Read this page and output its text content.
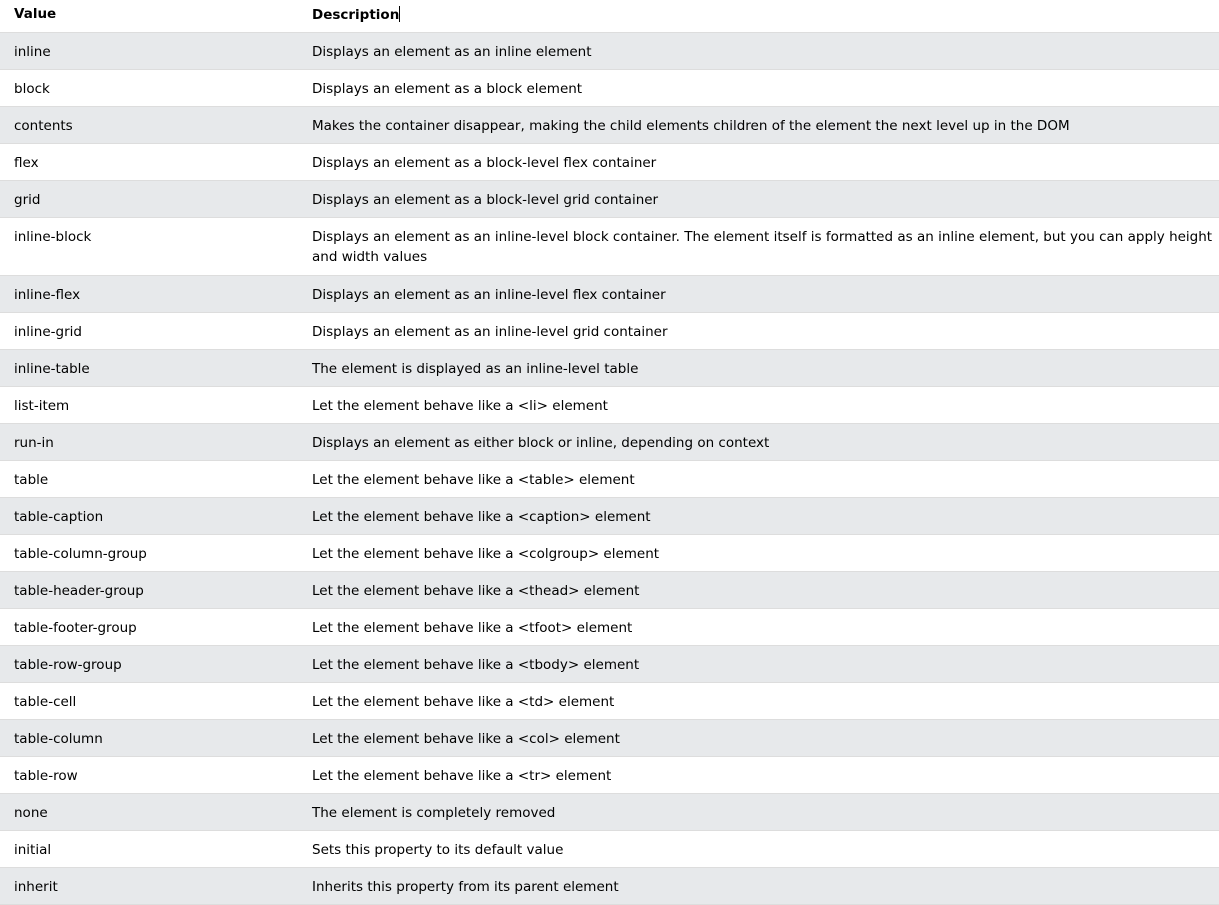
Value	Description
inline	Displays an element as an inline element
block	Displays an element as a block element
contents	Makes the container disappear, making the child elements children of the element the next level up in the DOM
flex	Displays an element as a block-level flex container
grid	Displays an element as a block-level grid container
inline-block	Displays an element as an inline-level block container. The element itself is formatted as an inline element, but you can apply height and width values
inline-flex	Displays an element as an inline-level flex container
inline-grid	Displays an element as an inline-level grid container
inline-table	The element is displayed as an inline-level table
list-item	Let the element behave like a <li> element
run-in	Displays an element as either block or inline, depending on context
table	Let the element behave like a <table> element
table-caption	Let the element behave like a <caption> element
table-column-group	Let the element behave like a <colgroup> element
table-header-group	Let the element behave like a <thead> element
table-footer-group	Let the element behave like a <tfoot> element
table-row-group	Let the element behave like a <tbody> element
table-cell	Let the element behave like a <td> element
table-column	Let the element behave like a <col> element
table-row	Let the element behave like a <tr> element
none	The element is completely removed
initial	Sets this property to its default value
inherit	Inherits this property from its parent element
